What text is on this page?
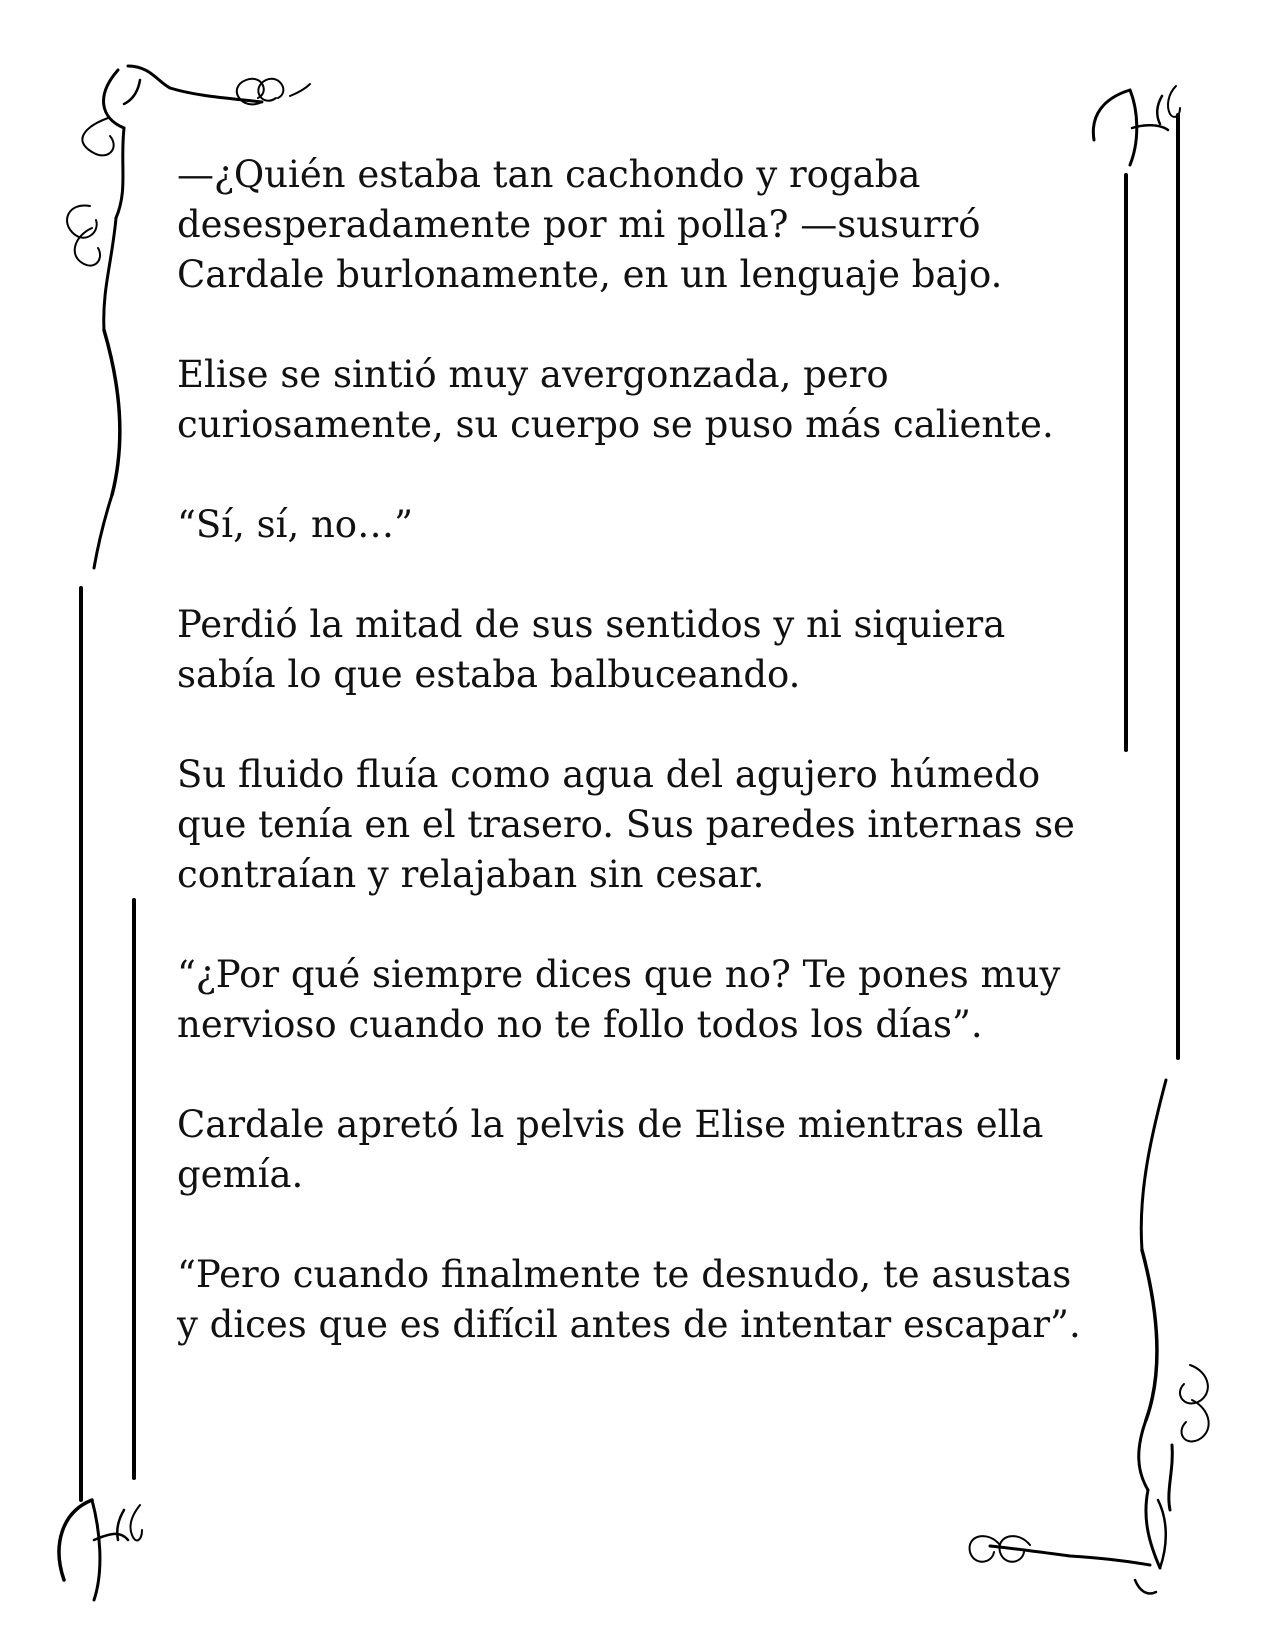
—¿Quién estaba tan cachondo y rogaba
desesperadamente por mi polla? —susurró
Cardale burlonamente, en un lenguaje bajo.

Elise se sintió muy avergonzada, pero
curiosamente, su cuerpo se puso más caliente.

“Sí, sí, no…”

Perdió la mitad de sus sentidos y ni siquiera
sabía lo que estaba balbuceando.

Su fluido fluía como agua del agujero húmedo
que tenía en el trasero. Sus paredes internas se
contraían y relajaban sin cesar.

“¿Por qué siempre dices que no? Te pones muy
nervioso cuando no te follo todos los días”.

Cardale apretó la pelvis de Elise mientras ella
gemía.

“Pero cuando finalmente te desnudo, te asustas
y dices que es difícil antes de intentar escapar”.
